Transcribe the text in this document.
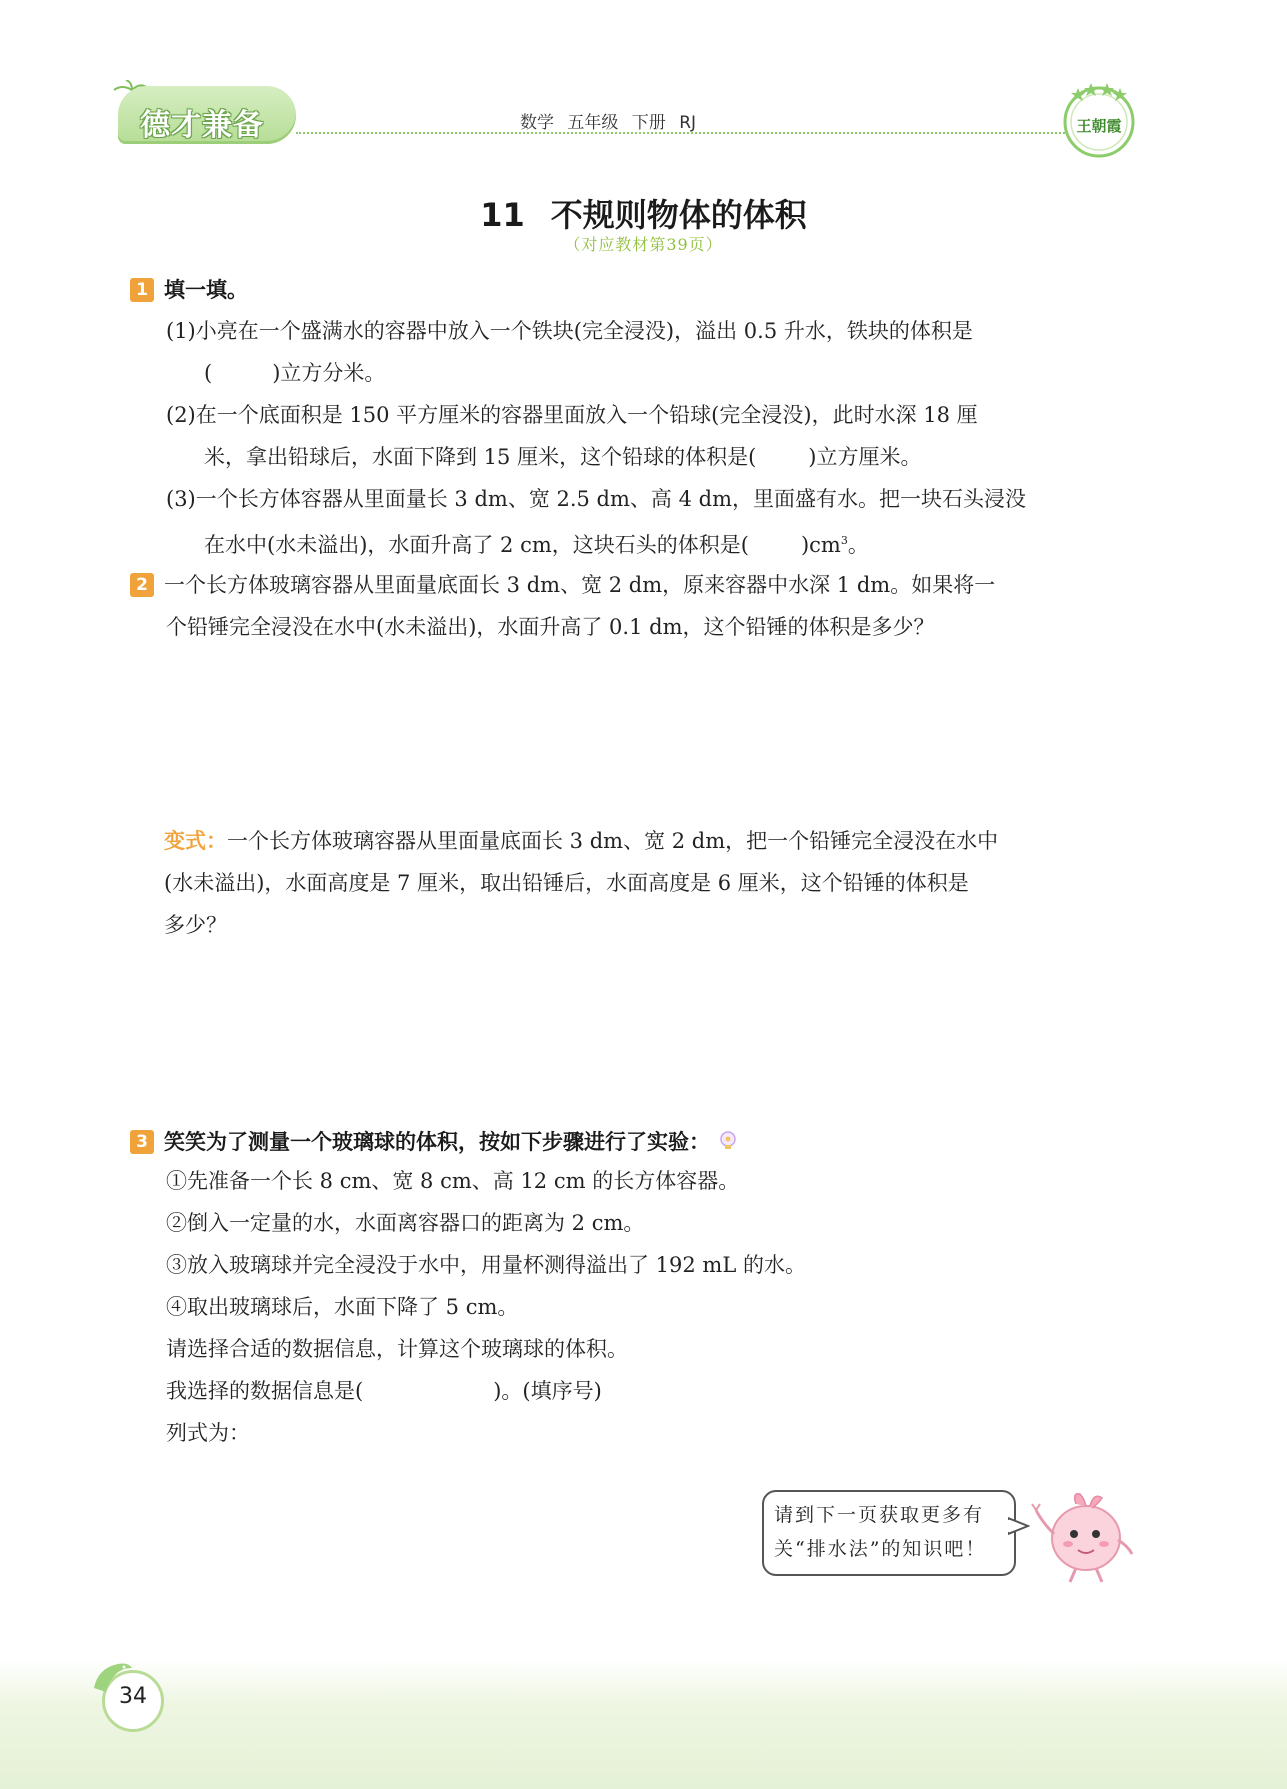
德才兼备	数学 五年级 下册 RJ	王朝霞
11 不规则物体的体积
（对应教材第39页）
1 填一填。
(1)小亮在一个盛满水的容器中放入一个铁块(完全浸没)，溢出 0.5 升水，铁块的体积是
(	)立方分米。
(2)在一个底面积是 150 平方厘米的容器里面放入一个铅球(完全浸没)，此时水深 18 厘
米，拿出铅球后，水面下降到 15 厘米，这个铅球的体积是( )立方厘米。
(3)一个长方体容器从里面量长 3 dm、宽 2.5 dm、高 4 dm，里面盛有水。把一块石头浸没
在水中(水未溢出)，水面升高了 2 cm，这块石头的体积是( )$cm^3$。
2 一个长方体玻璃容器从里面量底面长 3 dm、宽 2 dm，原来容器中水深 1 dm。如果将一
个铅锤完全浸没在水中(水未溢出)，水面升高了 0.1 dm，这个铅锤的体积是多少？
变式：一个长方体玻璃容器从里面量底面长 3 dm、宽 2 dm，把一个铅锤完全浸没在水中
(水未溢出)，水面高度是 7 厘米，取出铅锤后，水面高度是 6 厘米，这个铅锤的体积是
多少？
3 笑笑为了测量一个玻璃球的体积，按如下步骤进行了实验：
①先准备一个长 8 cm、宽 8 cm、高 12 cm 的长方体容器。
②倒入一定量的水，水面离容器口的距离为 2 cm。
③放入玻璃球并完全浸没于水中，用量杯测得溢出了 192 mL 的水。
④取出玻璃球后，水面下降了 5 cm。
请选择合适的数据信息，计算这个玻璃球的体积。
我选择的数据信息是(	)。(填序号)
列式为：
请到下一页获取更多有
关“排水法”的知识吧！
34
